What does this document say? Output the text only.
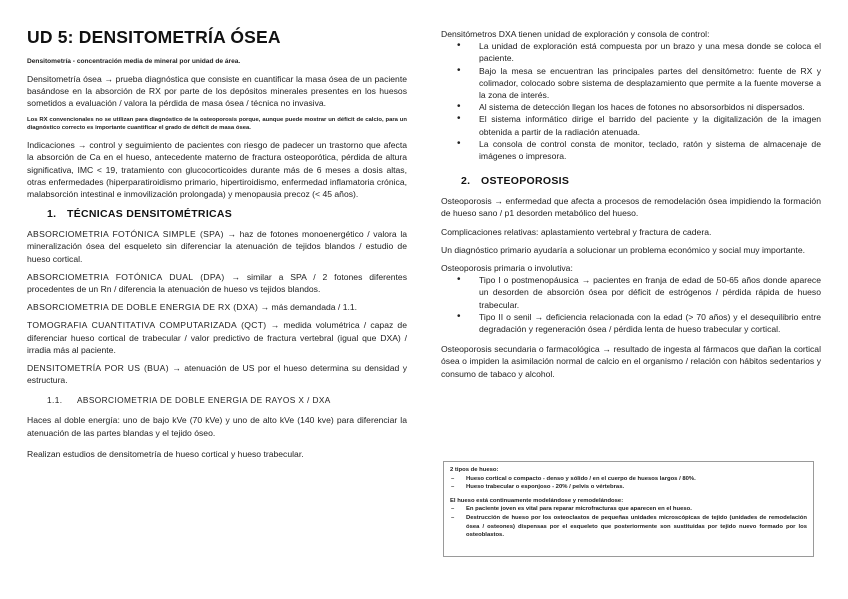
UD 5: DENSITOMETRÍA ÓSEA

Densitometría - concentración media de mineral por unidad de área.

Densitometría ósea → prueba diagnóstica que consiste en cuantificar la masa ósea de un paciente basándose en la absorción de RX por parte de los depósitos minerales presentes en los huesos sometidos a evaluación / valora la pérdida de masa ósea / técnica no invasiva.

Los RX convencionales no se utilizan para diagnóstico de la osteoporosis porque, aunque puede mostrar un déficit de calcio, para un diagnóstico correcto es importante cuantificar el grado de déficit de masa ósea.

Indicaciones → control y seguimiento de pacientes con riesgo de padecer un trastorno que afecta la absorción de Ca en el hueso, antecedente materno de fractura osteoporótica, pérdida de altura significativa, IMC < 19, tratamiento con glucocorticoides durante más de 6 meses a dosis altas, otras enfermedades (hiperparatiroidismo primario, hipertiroidismo, enfermedad inflamatoria crónica, malabsorción intestinal e inmovilización prolongada) y menopausia precoz (< 45 años).

1. TÉCNICAS DENSITOMÉTRICAS

ABSORCIOMETRIA FOTÓNICA SIMPLE (SPA) → haz de fotones monoenergético / valora la mineralización ósea del esqueleto sin diferenciar la atenuación de tejidos blandos / estudio de hueso cortical.

ABSORCIOMETRIA FOTÓNICA DUAL (DPA) → similar a SPA / 2 fotones diferentes procedentes de un Rn / diferencia la atenuación de hueso vs tejidos blandos.

ABSORCIOMETRIA DE DOBLE ENERGIA DE RX (DXA) → más demandada / 1.1.

TOMOGRAFIA CUANTITATIVA COMPUTARIZADA (QCT) → medida volumétrica / capaz de diferenciar hueso cortical de trabecular / valor predictivo de fractura vertebral (igual que DXA) / irradia más al paciente.

DENSITOMETRÍA POR US (BUA) → atenuación de US por el hueso determina su densidad y estructura.

1.1. ABSORCIOMETRIA DE DOBLE ENERGIA DE RAYOS X / DXA

Haces al doble energía: uno de bajo kVe (70 kVe) y uno de alto kVe (140 kve) para diferenciar la atenuación de las partes blandas y el tejido óseo.

Realizan estudios de densitometría de hueso cortical y hueso trabecular.

Densitómetros DXA tienen unidad de exploración y consola de control:

• La unidad de exploración está compuesta por un brazo y una mesa donde se coloca el paciente.
• Bajo la mesa se encuentran las principales partes del densitómetro: fuente de RX y colimador, colocado sobre sistema de desplazamiento que permite a la fuente moverse a la zona de interés.
• Al sistema de detección llegan los haces de fotones no absorsorbidos ni dispersados.
• El sistema informático dirige el barrido del paciente y la digitalización de la imagen obtenida a partir de la radiación atenuada.
• La consola de control consta de monitor, teclado, ratón y sistema de almacenaje de imágenes o impresora.

2. OSTEOPOROSIS

Osteoporosis → enfermedad que afecta a procesos de remodelación ósea impidiendo la formación de hueso sano / p1 desorden metabólico del hueso.

Complicaciones relativas: aplastamiento vertebral y fractura de cadera.

Un diagnóstico primario ayudaría a solucionar un problema económico y social muy importante.

Osteoporosis primaria o involutiva:

• Tipo I o postmenopáusica → pacientes en franja de edad de 50-65 años donde aparece un desorden de absorción ósea por déficit de estrógenos / pérdida rápida de hueso trabecular.
• Tipo II o senil → deficiencia relacionada con la edad (> 70 años) y el desequilibrio entre degradación y regeneración ósea / pérdida lenta de hueso trabecular y cortical.

Osteoporosis secundaria o farmacológica → resultado de ingesta al fármacos que dañan la cortical ósea o impiden la asimilación normal de calcio en el organismo / relación con hábitos sedentarios y consumo de tabaco y alcohol.

2 tipos de hueso:

– Hueso cortical o compacto - denso y sólido / en el cuerpo de huesos largos / 80%.
– Hueso trabecular o esponjoso - 20% / pelvis o vértebras.

El hueso está continuamente modelándose y remodelándose:

– En paciente joven es vital para reparar microfracturas que aparecen en el hueso.
– Destrucción de hueso por los osteoclastos de pequeñas unidades microscópicas de tejido (unidades de remodelación ósea / osteones) dispensas por el esqueleto que posteriormente son sustituidas por tejido nuevo formado por los osteoblastos.
